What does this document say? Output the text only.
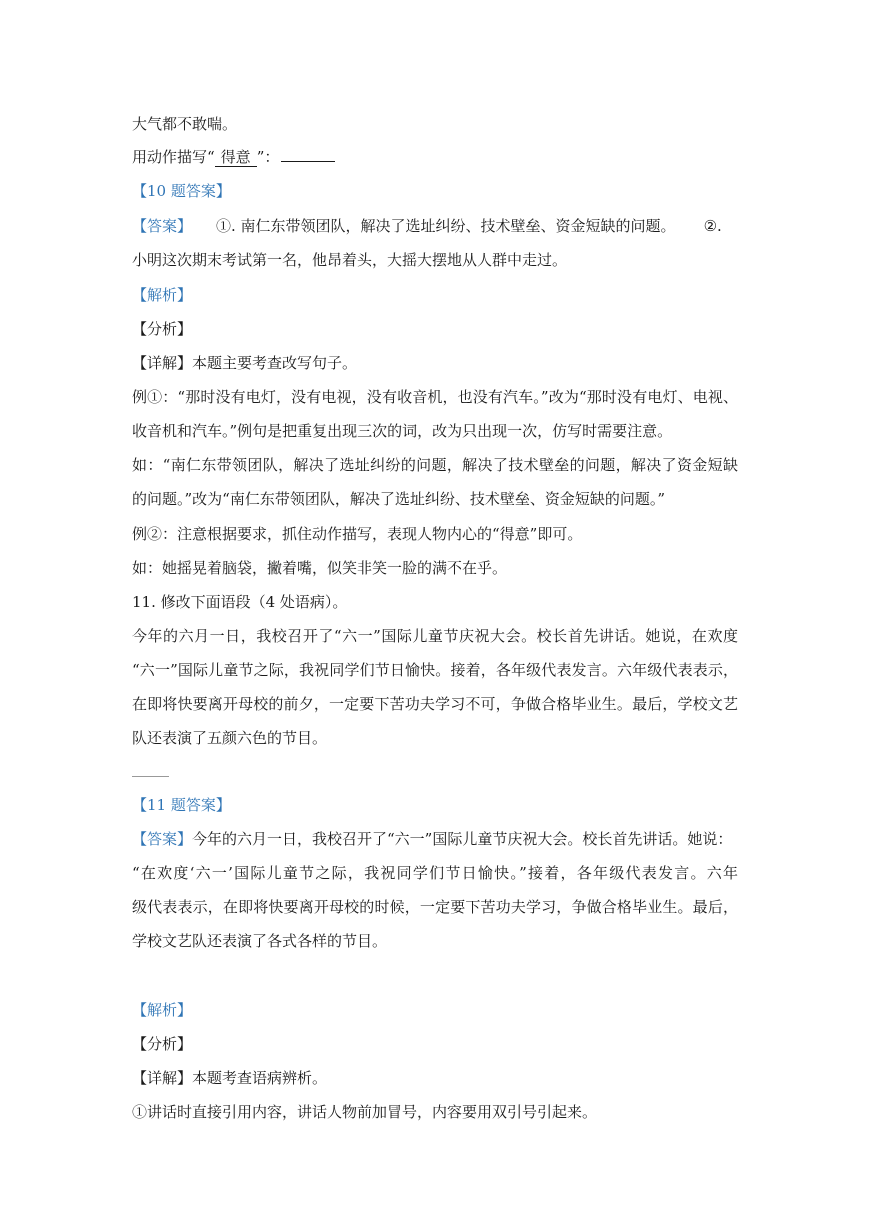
大气都不敢喘。

用动作描写“ 得意 ”：

【10 题答案】

【答案】 ①. 南仁东带领团队，解决了选址纠纷、技术壁垒、资金短缺的问题。 ②.

小明这次期末考试第一名，他昂着头，大摇大摆地从人群中走过。

【解析】

【分析】

【详解】本题主要考查改写句子。

例①：“那时没有电灯，没有电视，没有收音机，也没有汽车。”改为“那时没有电灯、电视、

收音机和汽车。”例句是把重复出现三次的词，改为只出现一次，仿写时需要注意。

如：“南仁东带领团队，解决了选址纠纷的问题，解决了技术壁垒的问题，解决了资金短缺

的问题。”改为“南仁东带领团队，解决了选址纠纷、技术壁垒、资金短缺的问题。”

例②：注意根据要求，抓住动作描写，表现人物内心的“得意”即可。

如：她摇晃着脑袋，撇着嘴，似笑非笑一脸的满不在乎。

11. 修改下面语段（4 处语病）。

今年的六月一日，我校召开了“六一”国际儿童节庆祝大会。校长首先讲话。她说，在欢度

“六一”国际儿童节之际，我祝同学们节日愉快。接着，各年级代表发言。六年级代表表示，

在即将快要离开母校的前夕，一定要下苦功夫学习不可，争做合格毕业生。最后，学校文艺

队还表演了五颜六色的节目。

【11 题答案】

【答案】今年的六月一日，我校召开了“六一”国际儿童节庆祝大会。校长首先讲话。她说：

“在欢度‘六一’国际儿童节之际，我祝同学们节日愉快。”接着，各年级代表发言。六年

级代表表示，在即将快要离开母校的时候，一定要下苦功夫学习，争做合格毕业生。最后，

学校文艺队还表演了各式各样的节目。

【解析】

【分析】

【详解】本题考查语病辨析。

①讲话时直接引用内容，讲话人物前加冒号，内容要用双引号引起来。
